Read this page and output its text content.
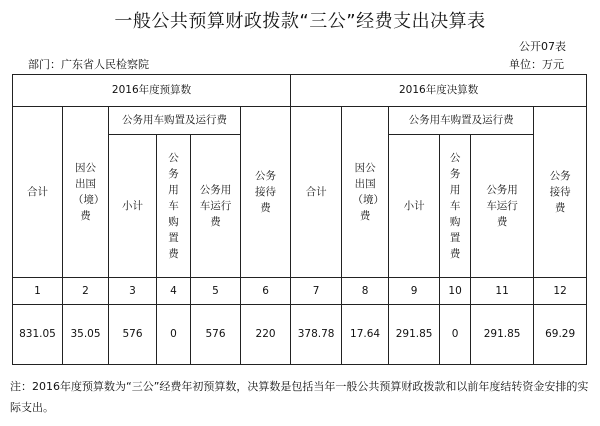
一般公共预算财政拨款“三公”经费支出决算表
公开07表
部门：广东省人民检察院	单位：万元
2016年度预算数						2016年度决算数					
合计	因公出国（境）费	公务用车购置及运行费			公务接待费	合计	因公出国（境）费	公务用车购置及运行费			公务接待费
		小计	公务用车购置费	公务用车运行费				小计	公务用车购置费	公务用车运行费	
1	2	3	4	5	6	7	8	9	10	11	12
831.05	35.05	576	0	576	220	378.78	17.64	291.85	0	291.85	69.29
注：2016年度预算数为“三公”经费年初预算数，决算数是包括当年一般公共预算财政拨款和以前年度结转资金安排的实际支出。
